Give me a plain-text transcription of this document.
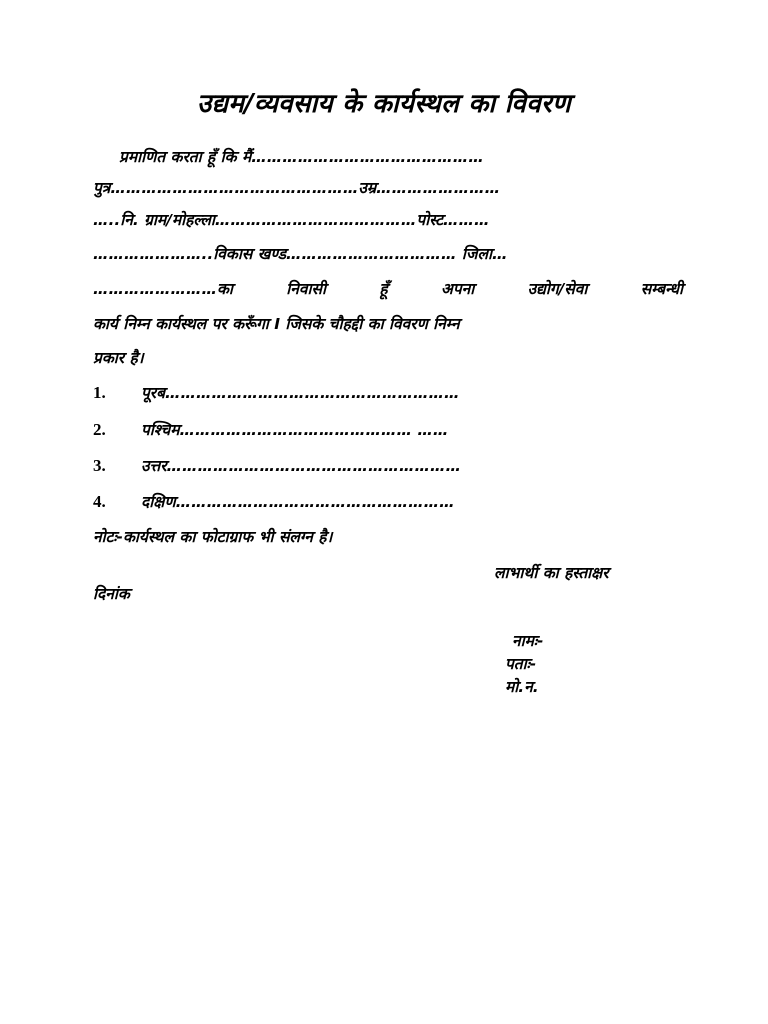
उद्यम/व्यवसाय के कार्यस्थल का विवरण
प्रमाणित करता हूँ कि मैं………………………………………
पुत्र…………………………………………उम्र……………………
…..नि. ग्राम/मोहल्ला…………………………………पोस्ट………
…………………..विकास खण्ड…………………………… जिला…
……………………का निवासी हूँ अपना उद्योग/सेवा सम्बन्धी
कार्य निम्न कार्यस्थल पर करूँगा I जिसके चौहद्दी का विवरण निम्न
प्रकार है।
1. पूरब…………………………………………………
2. पश्चिम……………………………………… ……
3. उत्तर…………………………………………………
4. दक्षिण………………………………………………
नोटः-कार्यस्थल का फोटाग्राफ भी संलग्न है।
लाभार्थी का हस्ताक्षर
दिनांक
नामः-
पताः-
मो.न.
